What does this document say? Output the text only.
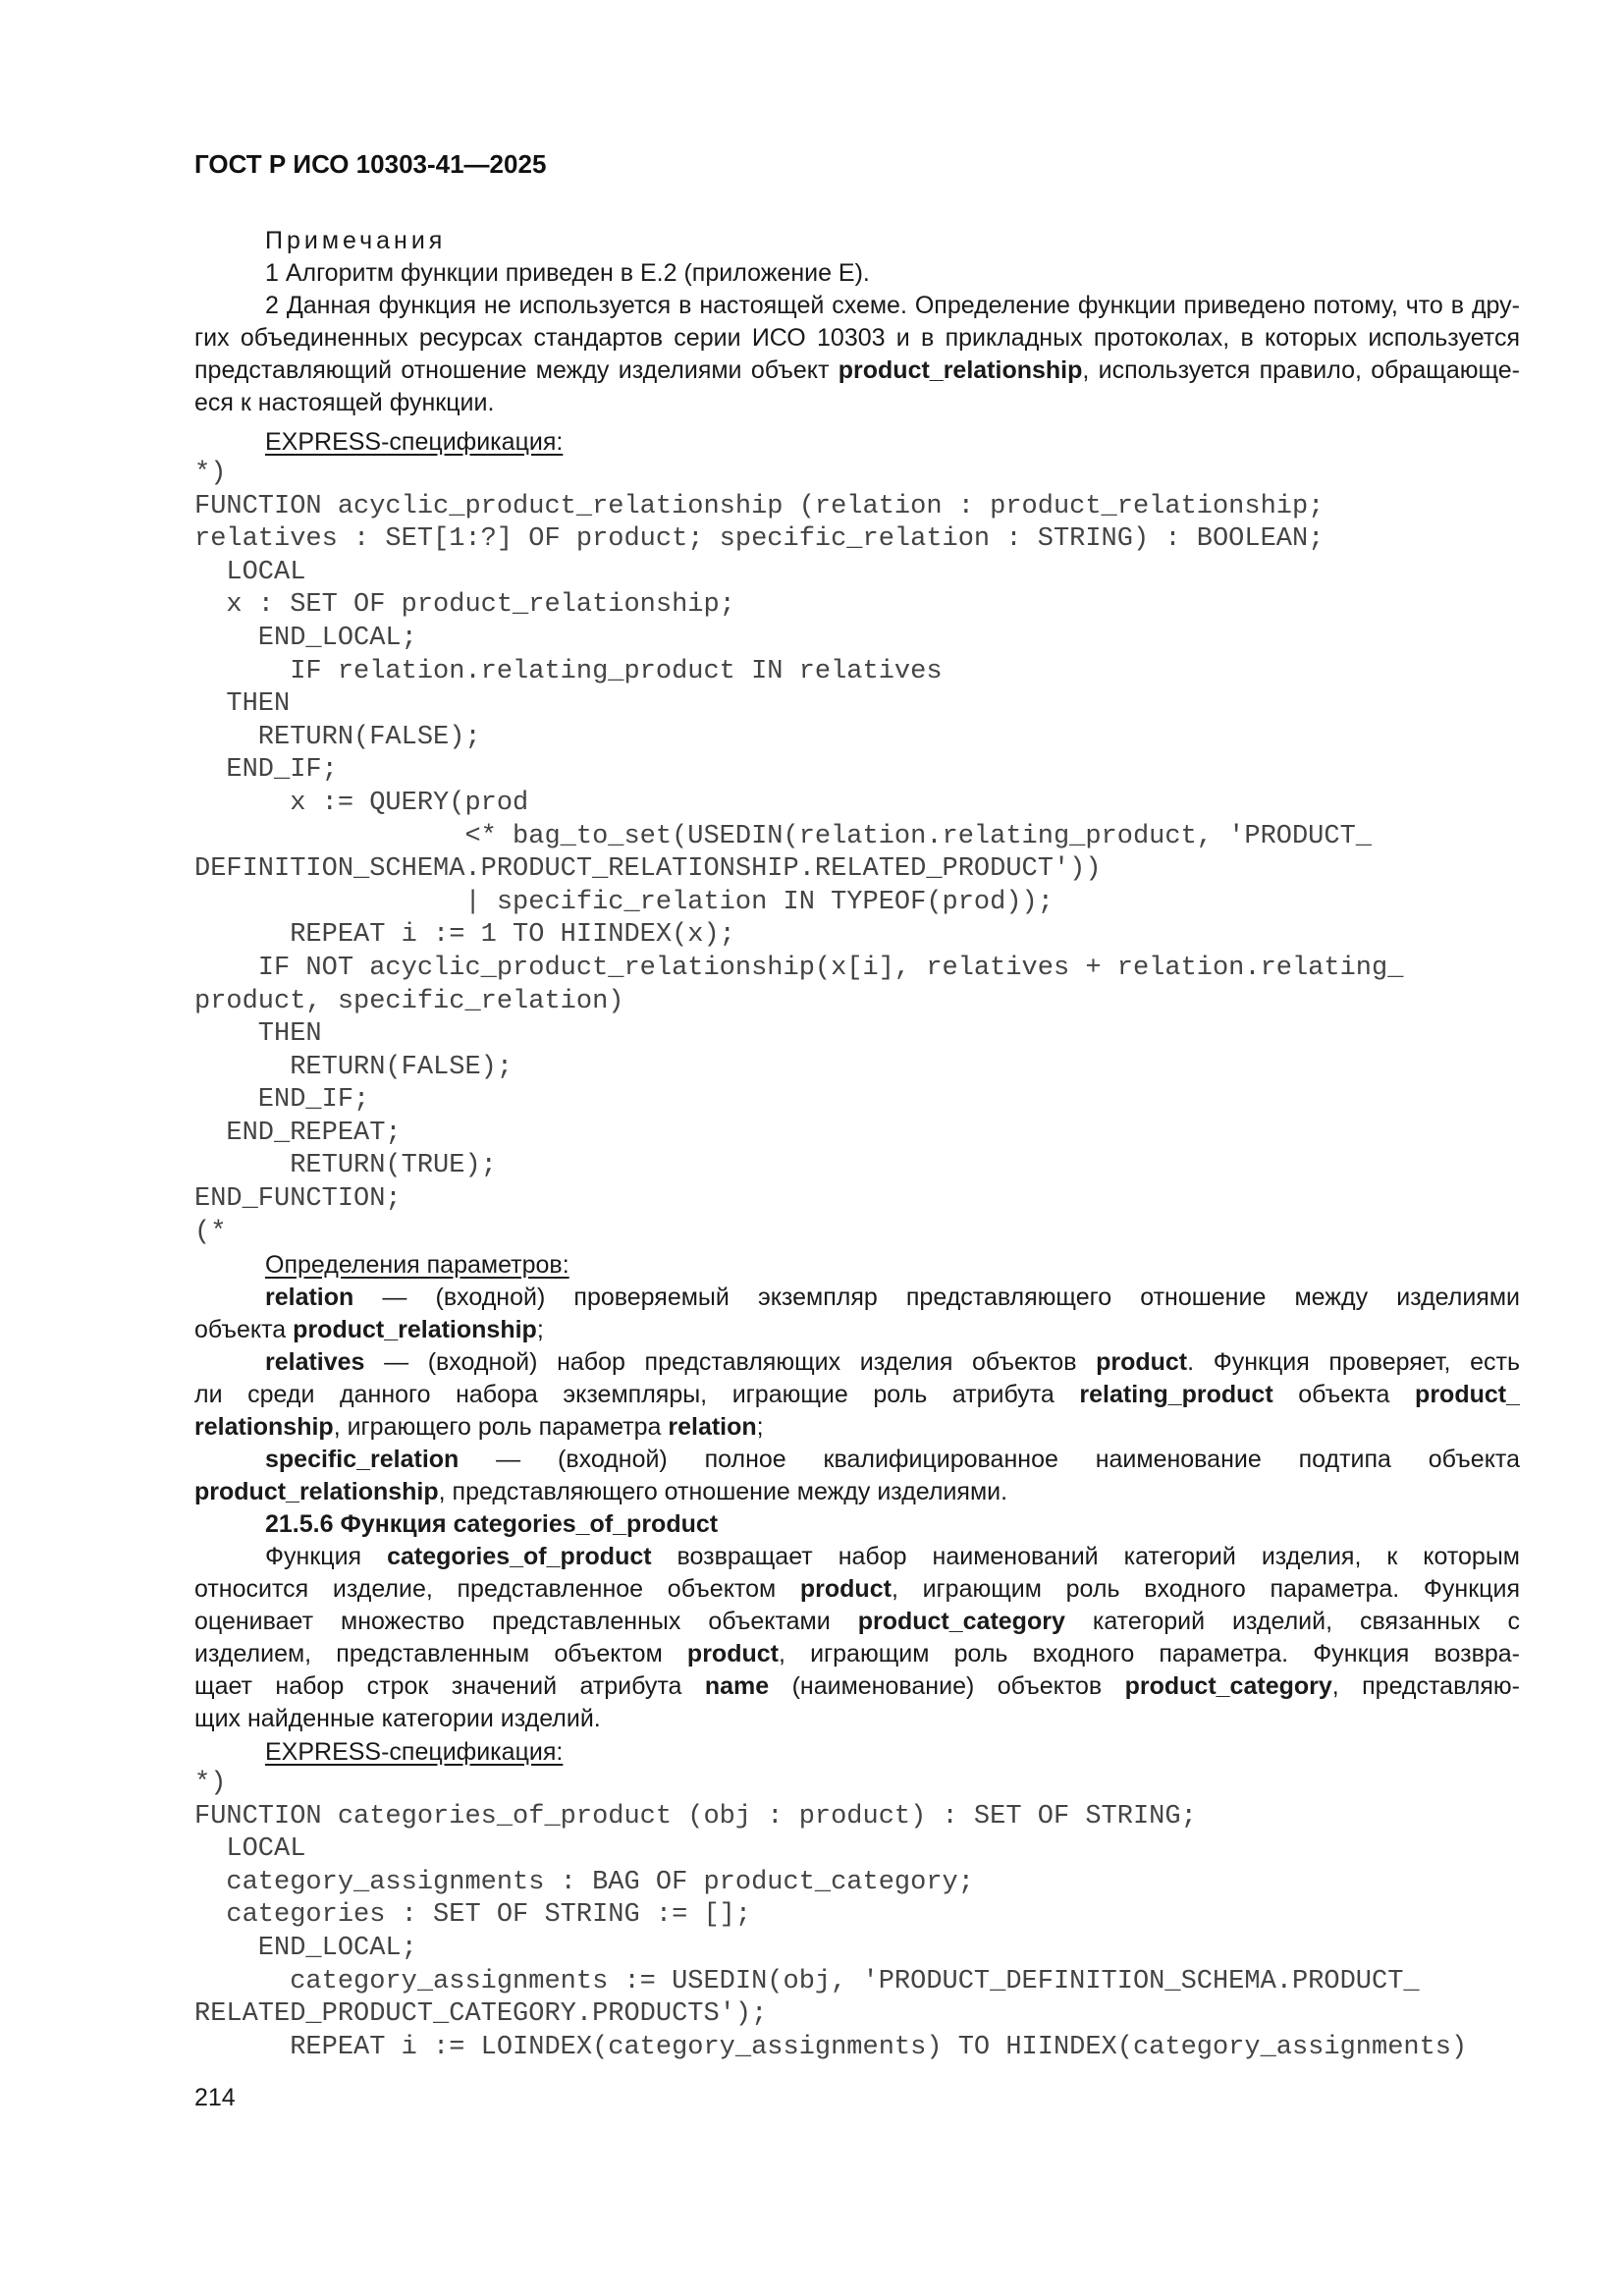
ГОСТ Р ИСО 10303-41—2025

Примечания

1 Алгоритм функции приведен в Е.2 (приложение Е).

2 Данная функция не используется в настоящей схеме. Определение функции приведено потому, что в дру-

гих объединенных ресурсах стандартов серии ИСО 10303 и в прикладных протоколах, в которых используется

представляющий отношение между изделиями объект product_relationship, используется правило, обращающе-

еся к настоящей функции.

EXPRESS-спецификация:

*)
FUNCTION acyclic_product_relationship (relation : product_relationship;
relatives : SET[1:?] OF product; specific_relation : STRING) : BOOLEAN;
LOCAL
x : SET OF product_relationship;
END_LOCAL;
IF relation.relating_product IN relatives
THEN
RETURN(FALSE);
END_IF;
x := QUERY(prod
<* bag_to_set(USEDIN(relation.relating_product, 'PRODUCT_
DEFINITION_SCHEMA.PRODUCT_RELATIONSHIP.RELATED_PRODUCT'))
| specific_relation IN TYPEOF(prod));
REPEAT i := 1 TO HIINDEX(x);
IF NOT acyclic_product_relationship(x[i], relatives + relation.relating_
product, specific_relation)
THEN
RETURN(FALSE);
END_IF;
END_REPEAT;
RETURN(TRUE);
END_FUNCTION;
(*

Определения параметров:

relation — (входной) проверяемый экземпляр представляющего отношение между изделиями

объекта product_relationship;

relatives — (входной) набор представляющих изделия объектов product. Функция проверяет, есть

ли среди данного набора экземпляры, играющие роль атрибута relating_product объекта product_

relationship, играющего роль параметра relation;

specific_relation — (входной) полное квалифицированное наименование подтипа объекта

product_relationship, представляющего отношение между изделиями.

21.5.6 Функция categories_of_product

Функция categories_of_product возвращает набор наименований категорий изделия, к которым

относится изделие, представленное объектом product, играющим роль входного параметра. Функция

оценивает множество представленных объектами product_category категорий изделий, связанных с

изделием, представленным объектом product, играющим роль входного параметра. Функция возвра-

щает набор строк значений атрибута name (наименование) объектов product_category, представляю-

щих найденные категории изделий.

EXPRESS-спецификация:

*)
FUNCTION categories_of_product (obj : product) : SET OF STRING;
LOCAL
category_assignments : BAG OF product_category;
categories : SET OF STRING := [];
END_LOCAL;
category_assignments := USEDIN(obj, 'PRODUCT_DEFINITION_SCHEMA.PRODUCT_
RELATED_PRODUCT_CATEGORY.PRODUCTS');
REPEAT i := LOINDEX(category_assignments) TO HIINDEX(category_assignments)

214
